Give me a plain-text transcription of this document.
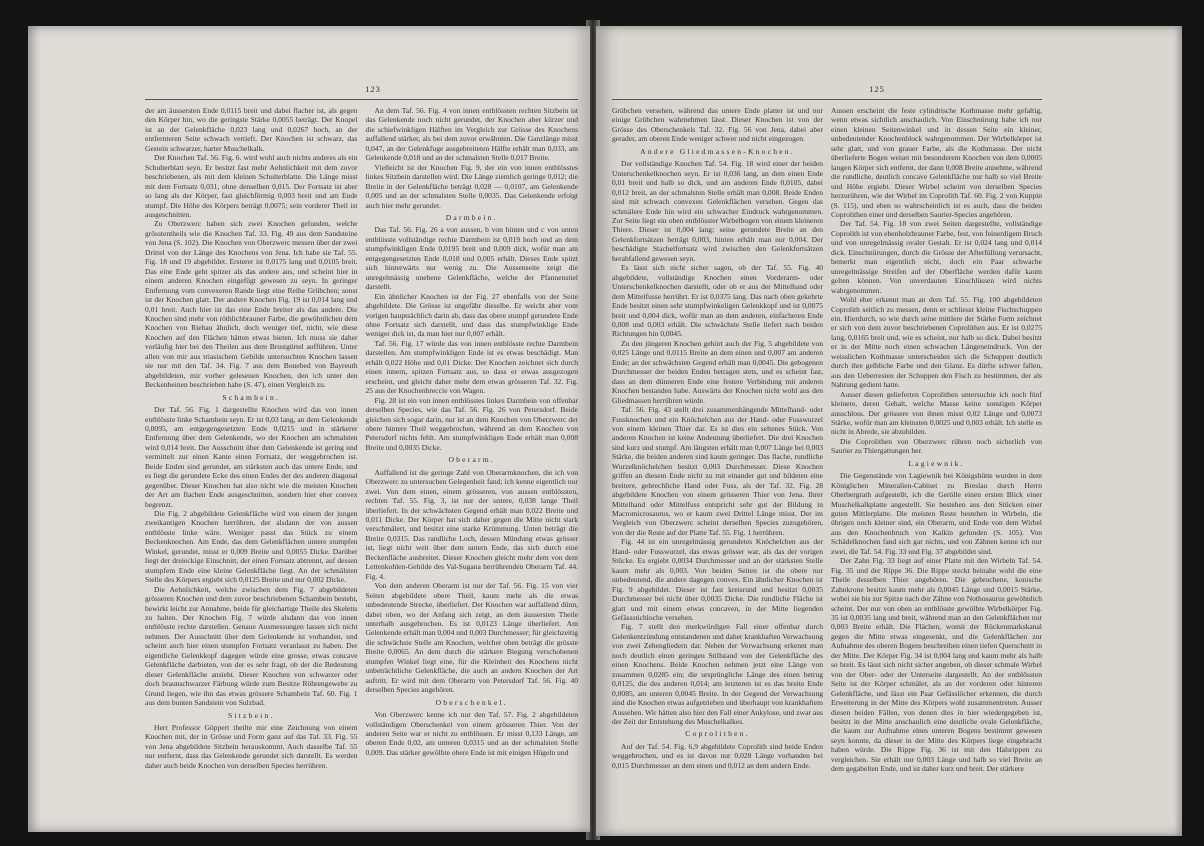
123

der am äussersten Ende 0,0115 breit und dabei flacher ist, als gegen den Körper hin, wo die geringste Stärke 0,0055 beträgt. Der Knopel ist an der Gelenkfläche 0,023 lang und 0,0267 hoch, an der entfernteren Seite schwach vertieft. Der Knochen ist schwarz, das Gestein schwarzer, harter Muschelkalk.

Der Knochen Taf. 56. Fig. 6. wird wohl auch nichts anderes als ein Schulterblatt seyn. Er besitzt fast mehr Aehnlichkeit mit dem zuvor beschriebenen, als mit dem kleinen Schulterblatte. Die Länge misst mit dem Fortsatz 0,031, ohne denselben 0,015. Der Fortsatz ist aber so lang als der Körper, fast gleichförmig 0,003 breit und am Ende stumpf. Die Höhe des Körpers beträgt 0,0075; sein vorderer Theil ist ausgeschnitten.

Zu Oberzwerc haben sich zwei Knochen gefunden, welche grösstentheils wie die Knochen Taf. 33. Fig. 49 aus dem Sandsteine von Jena (S. 102). Die Knochen von Oberzwerc messen über der zwei Drittel von der Länge des Knochens von Jena. Ich habe sie Taf. 55. Fig. 18 und 19 abgebildet. Ersterer ist 0,0175 lang und 0,0105 breit. Das eine Ende geht spitzer als das andere aus, und scheint hier in einem anderen Knochen eingefügt gewesen zu seyn. In geringer Entfernung vom convexeren Rande liegt eine Reihe Grübchen; sonst ist der Knochen glatt. Der andere Knochen Fig. 19 ist 0,014 lang und 0,01 breit. Auch hier ist das eine Ende breiter als das andere. Die Knochen sind mehr von röthlichbrauner Farbe, die gewöhnlichen dem Knochen von Riebau ähnlich, doch weniger tief, nicht, wie diese Knochen auf den Flächen hätten etwas bieten. Ich muss sie daher vorläufig hier bei den Theilen aus dem Brustgürtel aufführen. Unter allen von mir aus triasischem Gebilde untersuchten Knochen lassen sie nur mit den Taf. 34. Fig. 7 aus dem Bonebed von Bayreuth abgebildeten, mir vorher gelesenen Knochen, den ich unter den Beckenbeinen beschrieben habe (S. 47), einen Vergleich zu.

Schambein.

Der Taf. 56. Fig. 1 dargestellte Knochen wird das von innen entblösste linke Schambein seyn. Er ist 0,03 lang, an dem Gelenkende 0,0095, am entgegengesetzten Ende 0,0215 und in stärkerer Entfernung über dem Gelenkende, wo der Knochen am schmalsten wird 0,014 breit. Der Ausschnitt über dem Gelenkende ist gering und vermittelt zur einen Kante einen Fortsatz, der weggebrochen ist. Beide Enden sind gerundet, am stärksten auch das untere Ende, und es liegt die gerundete Ecke des einen Endes der des anderen diagonal gegenüber. Dieser Knochen hat also nicht wie die meisten Knochen der Art am flachen Ende ausgeschnitten, sondern hier eher convex begrenzt.

Die Fig. 2 abgebildete Gelenkfläche wird von einem der jungen zweikantigen Knochen herrühren, der alsdann der von aussen entblösste linke wäre. Weniger passt das Stück zu einem Beckenknochen. Am Ende, das dem Gelenkflächen untere stumpfen Winkel, gerundet, misst er 0,009 Breite und 0,0055 Dicke. Darüber liegt der dreieckige Einschnitt, der einen Fortsatz abtrennt, auf dessen stumpfem Ende eine kleine Gelenkfläche liegt. An der schmälsten Stelle des Körpers ergiebt sich 0,0125 Breite und nur 0,002 Dicke.

Die Aehnlichkeit, welche zwischen dem Fig. 7 abgebildeten grösseren Knochen und dem zuvor beschriebenen Schambein besteht, bewirkt leicht zur Annahme, beide für gleichartige Theile des Skeletts zu halten. Der Knochen Fig. 7 würde alsdann das von innen entblösste rechte darstellen. Genaue Ausmessungen lassen sich nicht nehmen. Der Ausschnitt über dem Gelenkende ist vorhanden, und scheint auch hier einen stumpfen Fortsatz veranlasst zu haben. Der eigentliche Gelenkkopf dagegen würde eine grosse, etwas concave Gelenkfläche darbieten, von der es sehr fragt, ob der die Bedeutung dieser Gelenkfläche ansieht. Dieser Knochen von schwarzer oder doch braunschwarzer Färbung würde zum Besitze Röhrengewebe zu Grund liegen, wie ihn das etwas grössere Schambein Taf. 60. Fig. 1 aus dem bunten Sandstein von Sulzbad.

Sitzbein.

Herr Professor Göppert theilte mir eine Zeichnung von einem Knochen mit, der in Grösse und Form ganz auf das Taf. 33. Fig. 55 von Jena abgebildete Sitzbein herauskommt. Auch dasselbe Taf. 55 nur entfernt, dass das Gelenkende gerundet sich darstellt. Es werden daher auch beide Knochen von derselben Species herrühren.

An dem Taf. 56. Fig. 4 von innen entblössten rechten Sitzbein ist das Gelenkende noch nicht gerundet, der Knochen aber kürzer und die schiefwinkligen Hälften im Vergleich zur Grösse des Knochens auffallend stärker, als bei dem zuvor erwähnten. Die Ganzlänge misst 0,047, an der Gelenkfuge ausgebreiteten Hälfte erhält man 0,033, am Gelenkende 0,018 und an der schmalsten Stelle 0,017 Breite.

Vielleicht ist der Knochen Fig. 9, der ein von innen entblösstes linkes Sitzbein darstellen wird. Die Länge ziemlich geringe 0,012; die Breite in der Gelenkfläche beträgt 0,028 — 0,0107, am Gelenkende 0,005 und an der schmalsten Stelle 0,0035. Das Gelenkende erfolgt auch hier mehr gerundet.

Darmbein.

Das Taf. 56. Fig. 26 a von aussen, b von hinten und c von unten entblösste vollständige rechte Darmbein ist 0,019 hoch und an dem stumpfwinkligen Ende 0,0195 breit und 0,009 dick, wofür man am entgegengesetzten Ende 0,018 und 0,005 erhält. Dieses Ende spitzt sich hinterwärts nur wenig zu. Die Aussenseite zeigt die unregelmässig unebene Gelenkfläche, welche der Pfannenstiel darstellt.

Ein ähnlicher Knochen ist der Fig. 27 ebenfalls von der Seite abgebildete. Die Grösse ist ungefähr dieselbe. Er weicht aber vom vorigen hauptsächlich darin ab, dass das obere stumpf gerundete Ende ohne Fortsatz sich darstellt, und dass das stumpfwinklige Ende weniger dick ist, da man hier nur 0,007 erhält.

Taf. 56. Fig. 17 würde das von innen entblösste rechte Darmbein darstellen. Am stumpfwinkligen Ende ist es etwas beschädigt. Man erhält 0,022 Höhe und 0,01 Dicke. Der Knochen zeichnet sich durch einen innern, spitzen Fortsatz aus, so dass er etwas ausgezogen erscheint, und gleicht daher mehr dem etwas grösseren Taf. 32. Fig. 25 aus der Knochenbreccie von Wagen.

Fig. 28 ist ein von innen entblösstes linkes Darmbein von offenbar derselben Species, wie das Taf. 56. Fig. 26 von Petersdorf. Beide gleichen sich sogar darin, nur ist an dem Knochen von Oberzwerc der obere hintere Theil weggebrochen, während an dem Knochen von Petersdorf nichts fehlt. Am stumpfwinkligen Ende erhält man 0,008 Breite und 0,0035 Dicke.

Oberarm.

Auffallend ist die geringe Zahl von Oberarmknochen, die ich von Oberzwerc zu untersuchen Gelegenheit fand; ich kenne eigentlich nur zwei. Von dem einen, einem grösseren, von aussen entblössten, rechten Taf. 55. Fig. 3, ist nur der untere, 0,038 lange Theil überliefert. In der schwächsten Gegend erhält man 0,022 Breite und 0,011 Dicke. Der Körper hat sich daher gegen die Mitte nicht stark verschmälert, und besitzt eine starke Krümmung. Unten beträgt die Breite 0,0315. Das randliche Loch, dessen Mündung etwas grösser ist, liegt nicht weit über dem untern Ende, das sich durch eine Beckenfläche ausbreitet. Dieser Knochen gleicht mehr dem von dem Lettenkohlen-Gebilde des Val-Sugana herrührenden Oberarm Taf. 44. Fig. 4.

Von dem anderen Oberarm ist nur der Taf. 56. Fig. 15 von vier Seiten abgebildete obere Theil, kaum mehr als die etwas unbedeutende Strecke, überliefert. Der Knochen war auffallend dünn, dabei oben, wo der Anfang sich zeigt, an dem äussersten Theile unterhalb ausgebrochen. Es ist 0,0123 Länge überliefert. Am Gelenkende erhält man 0,004 und 0,003 Durchmesser; für gleichzeitig die schwächste Stelle am Knochen, welcher oben beträgt die grösste Breite 0,0065. An dem durch die stärkere Biegung verschobenen stumpfen Winkel liegt eine, für die Kleinheit des Knochens nicht unbeträchtliche Gelenkfläche, die auch an andern Knochen der Art auftritt. Er wird mit dem Oberarm von Petersdorf Taf. 56. Fig. 40 derselben Species angehören.

Oberschenkel.

Von Oberzwerc kenne ich nur den Taf. 57. Fig. 2 abgebildeten vollständigen Oberschenkel von einem grösseren Thier. Von der anderen Seite war er nicht zu entblössen. Er misst 0,133 Länge, am oberen Ende 0,02, am unteren 0,0315 und an der schmalsten Stelle 0,009. Das stärker gewölbte obere Ende ist mit einigen Hügeln und

125

Grübchen versehen, während das untere Ende platter ist und nur einige Grübchen wahrnehmen lässt. Dieser Knochen ist von der Grösse des Oberschenkels Taf. 32. Fig. 56 von Jena, dabei aber gerader, am oberen Ende weniger schwer und nicht eingezogen.

Andere Gliedmassen-Knochen.

Der vollständige Knochen Taf. 54. Fig. 18 wird einer der beiden Unterschenkelknochen seyn. Er ist 0,036 lang, an dem einen Ende 0,01 breit und halb so dick, und am anderen Ende 0,0105, dabei 0,012 breit, an der schmalsten Stelle erhält man 0,008. Beide Enden sind mit schwach convexen Gelenkflächen versehen. Gegen das schmälere Ende hin wird ein schwacher Eindruck wahrgenommen. Zur Seite liegt ein oben entblösster Wirbelbogen von einem kleineren Thiere. Dieser ist 0,004 lang; seine gerundete Breite an den Gelenkfortsätzen beträgt 0,003, hinten erhält man nur 0,004. Der beschädigte Stachelfortsatz wird zwischen den Gelenkfortsätzen herabfallend gewesen seyn.

Es lässt sich nicht sicher sagen, ob der Taf. 55. Fig. 40 abgebildete, vollständige Knochen einen Vorderarm- oder Unterschenkelknochen darstellt, oder ob er aus der Mittelhand oder dem Mittelfusse herrührt. Er ist 0,0375 lang. Das nach oben gekehrte Ende besitzt einen sehr stumpfwinkeligen Gelenkkopf und ist 0,0075 breit und 0,004 dick, wofür man an dem anderen, einfacheren Ende 0,008 und 0,003 erhält. Die schwächste Stelle liefert nach beiden Richtungen hin 0,0045.

Zu den jüngeren Knochen gehört auch der Fig. 5 abgebildete von 0,025 Länge und 0,0115 Breite an dem einen und 0,007 am anderen Ende; an der schwächsten Gegend erhält man 0,0045. Die gebogenen Durchmesser der beiden Enden betragen stets, und es scheint fast, dass an dem dünneren Ende eine festere Verbindung mit anderen Knochen bestanden habe. Auswärts der Knochen nicht wohl aus den Gliedmassen herrühren würde.

Taf. 56. Fig. 43 stellt drei zusammenhängende Mittelhand- oder Fussknochen und ein Knöchelchen aus der Hand- oder Fusswurzel von einem kleinen Thier dar. Es ist dies ein seltenes Stück. Von anderen Knochen ist keine Andeutung überliefert. Die drei Knochen sind kurz und stumpf. Am längsten erhält man 0,007 Länge bei 0,003 Stärke, die beiden anderen sind kaum geringer. Das flache, rundliche Wurzelknöchelchen besitzt 0,003 Durchmesser. Diese Knochen griffen an diesem Ende nicht zu mit einander gut und bildeten eine breitere, gebrechliche Hand oder Fuss, als der Taf. 32. Fig. 28 abgebildete Knochen von einem grösseren Thier von Jena. Ihrer Mittelhand oder Mittelfuss entspricht sehr gut der Bildung in Macromicrosaurus, wo er kaum zwei Drittel Länge misst. Der im Vergleich von Oberzwerc scheint derselben Species zuzugehören, von der die Reste auf der Platte Taf. 55. Fig. 1 herrühren.

Fig. 44 ist ein unregelmässig gerundetes Knöchelchen aus der Hand- oder Fusswurzel, das etwas grösser war, als das der vorigen Stücke. Es ergiebt 0,0034 Durchmesser und an der stärksten Stelle kaum mehr als 0,003. Von beiden Seiten ist die obere nur unbedeutend, die andere dagegen convex. Ein ähnlicher Knochen ist Fig. 9 abgebildet. Dieser ist fast kreisrund und besitzt 0,0035 Durchmesser bei nicht über 0,0035 Dicke. Die rundliche Fläche ist glatt und mit einem etwas concaven, in der Mitte liegenden Gefässstichloche versehen.

Fig. 7 stellt den merkwürdigen Fall einer offenbar durch Gelenkentzündung entstandenen und daher krankhaften Verwachsung von zwei Zehengliedern dar. Neben der Verwachsung erkennt man noch deutlich einen geringen Stillstand von der Gelenkfläche des einen Knochens. Beide Knochen nehmen jetzt eine Länge von zusammen 0,0285 ein; die ursprüngliche Länge des einen betrug 0,0125, die des anderen 0,014; am letzteren ist es das breite Ende 0,0085, am unteren 0,0045 Breite. In der Gegend der Verwachsung sind die Knochen etwas aufgetrieben und überhaupt von krankhaftem Aussehen. Wir hätten also hier den Fall einer Ankylose, und zwar aus der Zeit der Entstehung des Muschelkalkes.

Coprolithen.

Auf der Taf. 54. Fig. 6,9 abgebildete Coprolith sind beide Enden weggebrochen, und es ist davon nur 0,028 Länge vorhanden bei 0,015 Durchmesser an dem einen und 0,012 an dem andern Ende.

Aussen erscheint die feste cylindrische Kothmasse mehr gefaltig, wenn etwas sichtlich anschaulich. Von Einschnürung habe ich nur einen kleinen Seitenwinkel und in dessen Seite ein kleiner, unbedeutender Knochenblock wahrgenommen. Der Wirbelkörper ist sehr glatt, und von grauer Farbe, als die Kothmasse. Der nicht überlieferte Bogen weiset mit besonderem Knochen von dem 0,0005 langen Körper sich entfernt, der dann 0,008 Breite annehme, während die rundliche, deutlich concave Gelenkfläche nur halb so viel Breite und Höhe ergiebt. Dieser Wirbel scheint von derselben Species herzurühren, wie der Wirbel im Coprolith Taf. 60. Fig. 2 von Kuppin (S. 115), und eben so wahrscheinlich ist es auch, dass die beiden Coprolithen einer und derselben Saurier-Species angehören.

Der Taf. 54. Fig. 18 von zwei Seiten dargestellte, vollständige Coprolith ist von ebenholzbrauner Farbe, fest, von feinerdigem Bruch und von unregelmässig ovaler Gestalt. Er ist 0,024 lang und 0,014 dick. Einschnürungen, durch die Grösse der Afterfüllung verursacht, bemerkt man eigentlich nicht, doch ein Paar schwache unregelmässige Streifen auf der Oberfläche werden dafür kaum gelten können. Von unverdauten Einschlüssen wird nichts wahrgenommen.

Wohl eher erkennt man an dem Taf. 55. Fig. 100 abgebildeten Coprolith seitlich zu messen, denn er schliesst kleine Fischschuppen ein. Hierdurch, so wie durch seine mittlere der Stärke Form zeichnet er sich von dem zuvor beschriebenen Coprolithen aus. Er ist 0,0275 lang, 0,0165 breit und, wie es scheint, nur halb so dick. Dabei besitzt er in der Mitte noch einen schwachen Längeneindruck. Von der weisslichen Kothmasse unterscheiden sich die Schuppen deutlich durch ihre gelbliche Farbe und den Glanz. Es dürfte schwer fallen, aus den Ueberresten der Schuppen den Fisch zu bestimmen, der als Nahrung gedient hatte.

Ausser diesen gelieferten Coprolithen untersuchte ich noch fünf kleinere, deren Gehalt, welche Masse keine sonstigen Körper ausschloss. Der grössere von ihnen misst 0,02 Länge und 0,0073 Stärke, wofür man am kleinsten 0,0025 und 0,003 erhält. Ich stelle es nicht in Abrede, sie abzubilden.

Die Coprolithen von Oberzwerc rühren noch sicherlich von Saurier zu Thiergattungen her.

Lagiewnik.

Die Gegenstände von Lagiewnik bei Königshütte wurden in dem Königlichen Mineralien-Cabinet zu Breslau durch Herrn Oberbergrath aufgestellt, ich die Gerölle einen ersten Blick einer Muschelkalkplatte angestellt. Sie bestehen aus den Stücken einer guten Mittlerplatte. Die meisten Reste bestehen in Wirbeln, die übrigen noch kleiner sind, ein Oberarm, und Ende von dem Wirbel aus den Knochenbruch von Kalkin gefunden (S. 105). Von Schädelknochen fand sich gar nichts, und von Zähnen kenne ich nur zwei, die Taf. 54. Fig. 33 und Fig. 37 abgebildet sind.

Der Zahn Fig. 33 liegt auf einer Platte mit den Wirbeln Taf. 54. Fig. 35 und der Rippe 36. Die Rippe steckt beinahe wohl die eine Theile desselben Thier angehören. Die gebrochene, konische Zahnkrone besitzt kaum mehr als 0,0045 Länge und 0,0015 Stärke, wobei sie bis zur Spitze nach der Zähne von Nothosaurus gewöhnlich scheint. Der nur von oben an entblösste gewölbte Wirbelkörper Fig. 35 ist 0,0035 lang und breit, während man an den Gelenkflächen nur 0,003 Breite erhält. Die Flächen, womit der Rückenmarkskanal gegen die Mitte etwas eingesenkt, und die Gelenkflächen zur Aufnahme des oberen Bogens beschreiben einen tiefen Querschnitt in der Mitte. Der Körper Fig. 34 ist 0,004 lang und kaum mehr als halb so breit. Es lässt sich nicht sicher angeben, ob dieser schmale Wirbel von der Ober- oder der Unterseite dargestellt. An der entblössten Seite ist der Körper schmäler, als an der vorderen oder hinteren Gelenkfläche, und lässt ein Paar Gefässlöcher erkennen, die durch Erweiterung in der Mitte des Körpers wohl zusammentreten. Ausser diesen beiden Fällen, von denen dies in hier wiedergegeben ist, besitzt in der Mitte anschaulich eine deutliche ovale Gelenkfläche, die kaum zur Aufnahme eines unteren Bogens bestimmt gewesen seyn konnte, da dieser in der Mitte des Körpers liege eingebracht haben würde. Die Rippe Fig. 36 ist mit den Halsrippen zu vergleichen. Sie erhält nur 0,003 Länge und halb so viel Breite an dem gegabelten Ende, und ist daher kurz und breit. Der stärkere
